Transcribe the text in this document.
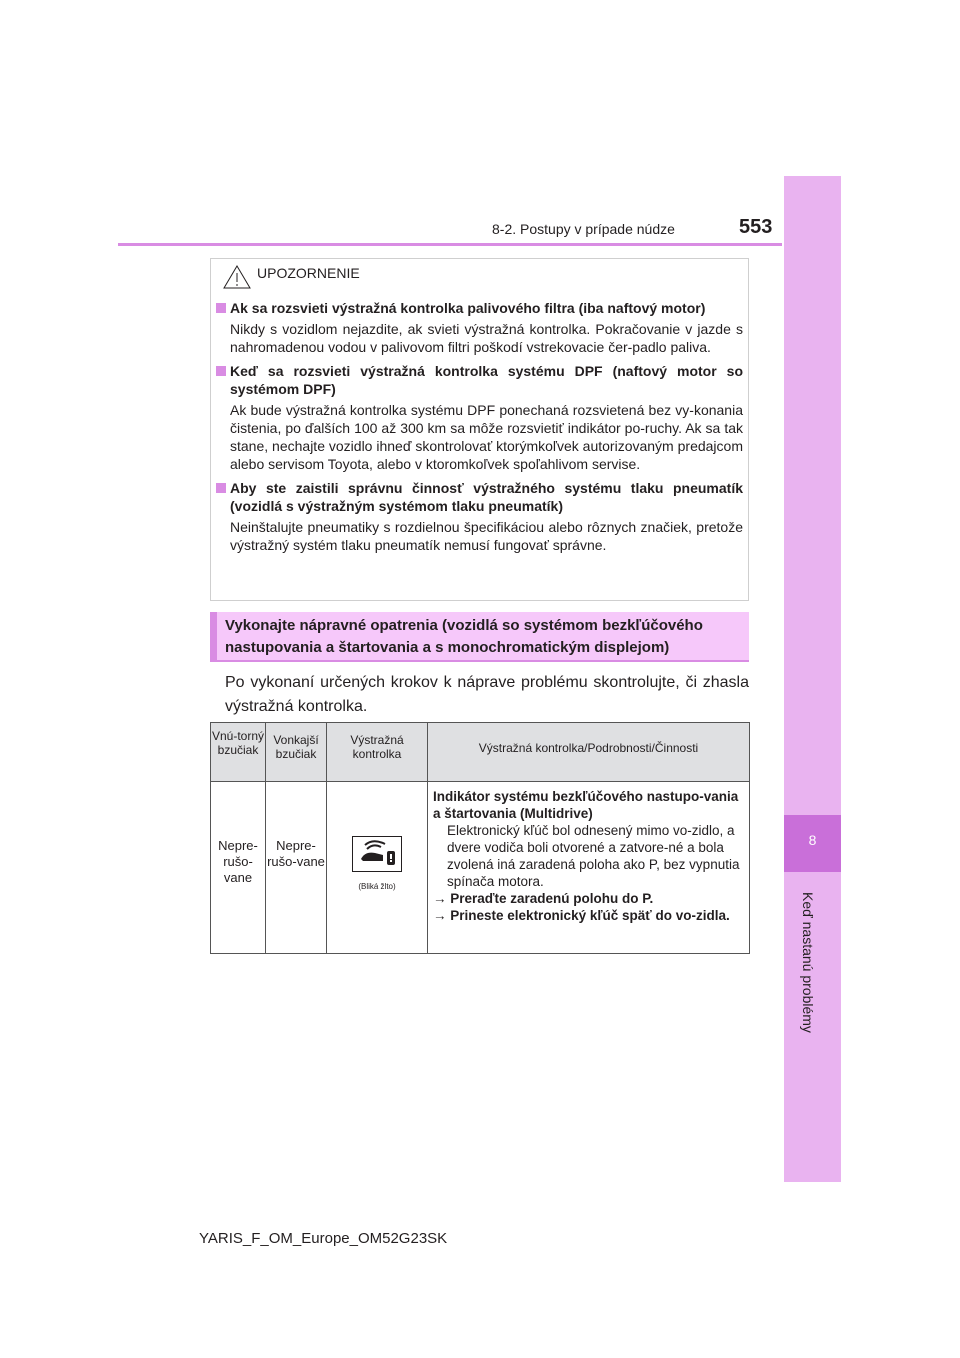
8
Keď nastanú problémy
8-2. Postupy v prípade núdze	553
UPOZORNENIE
Ak sa rozsvieti výstražná kontrolka palivového filtra (iba naftový motor)
Nikdy s vozidlom nejazdite, ak svieti výstražná kontrolka. Pokračovanie v jazde s nahromadenou vodou v palivovom filtri poškodí vstrekovacie čer-padlo paliva.
Keď sa rozsvieti výstražná kontrolka systému DPF (naftový motor so systémom DPF)
Ak bude výstražná kontrolka systému DPF ponechaná rozsvietená bez vy-konania čistenia, po ďalších 100 až 300 km sa môže rozsvietiť indikátor po-ruchy. Ak sa tak stane, nechajte vozidlo ihneď skontrolovať ktorýmkoľvek autorizovaným predajcom alebo servisom Toyota, alebo v ktoromkoľvek spoľahlivom servise.
Aby ste zaistili správnu činnosť výstražného systému tlaku pneumatík (vozidlá s výstražným systémom tlaku pneumatík)
Neinštalujte pneumatiky s rozdielnou špecifikáciou alebo rôznych značiek, pretože výstražný systém tlaku pneumatík nemusí fungovať správne.
Vykonajte nápravné opatrenia (vozidlá so systémom bezkľúčového nastupovania a štartovania a s monochromatickým displejom)
Po vykonaní určených krokov k náprave problému skontrolujte, či zhasla výstražná kontrolka.
Vnú-torný bzučiak	Vonkajší bzučiak	Výstražná kontrolka	Výstražná kontrolka/Podrobnosti/Činnosti

Nepre-rušo-vane	Nepre-rušo-vane	(Bliká žlto)	Indikátor systému bezkľúčového nastupo-vania a štartovania (Multidrive)
Elektronický kľúč bol odnesený mimo vo-zidlo, a dvere vodiča boli otvorené a zatvore-né a bola zvolená iná zaradená poloha ako P, bez vypnutia spínača motora.
→ Preraďte zaradenú polohu do P.
→ Prineste elektronický kľúč späť do vo-zidla.
YARIS_F_OM_Europe_OM52G23SK
